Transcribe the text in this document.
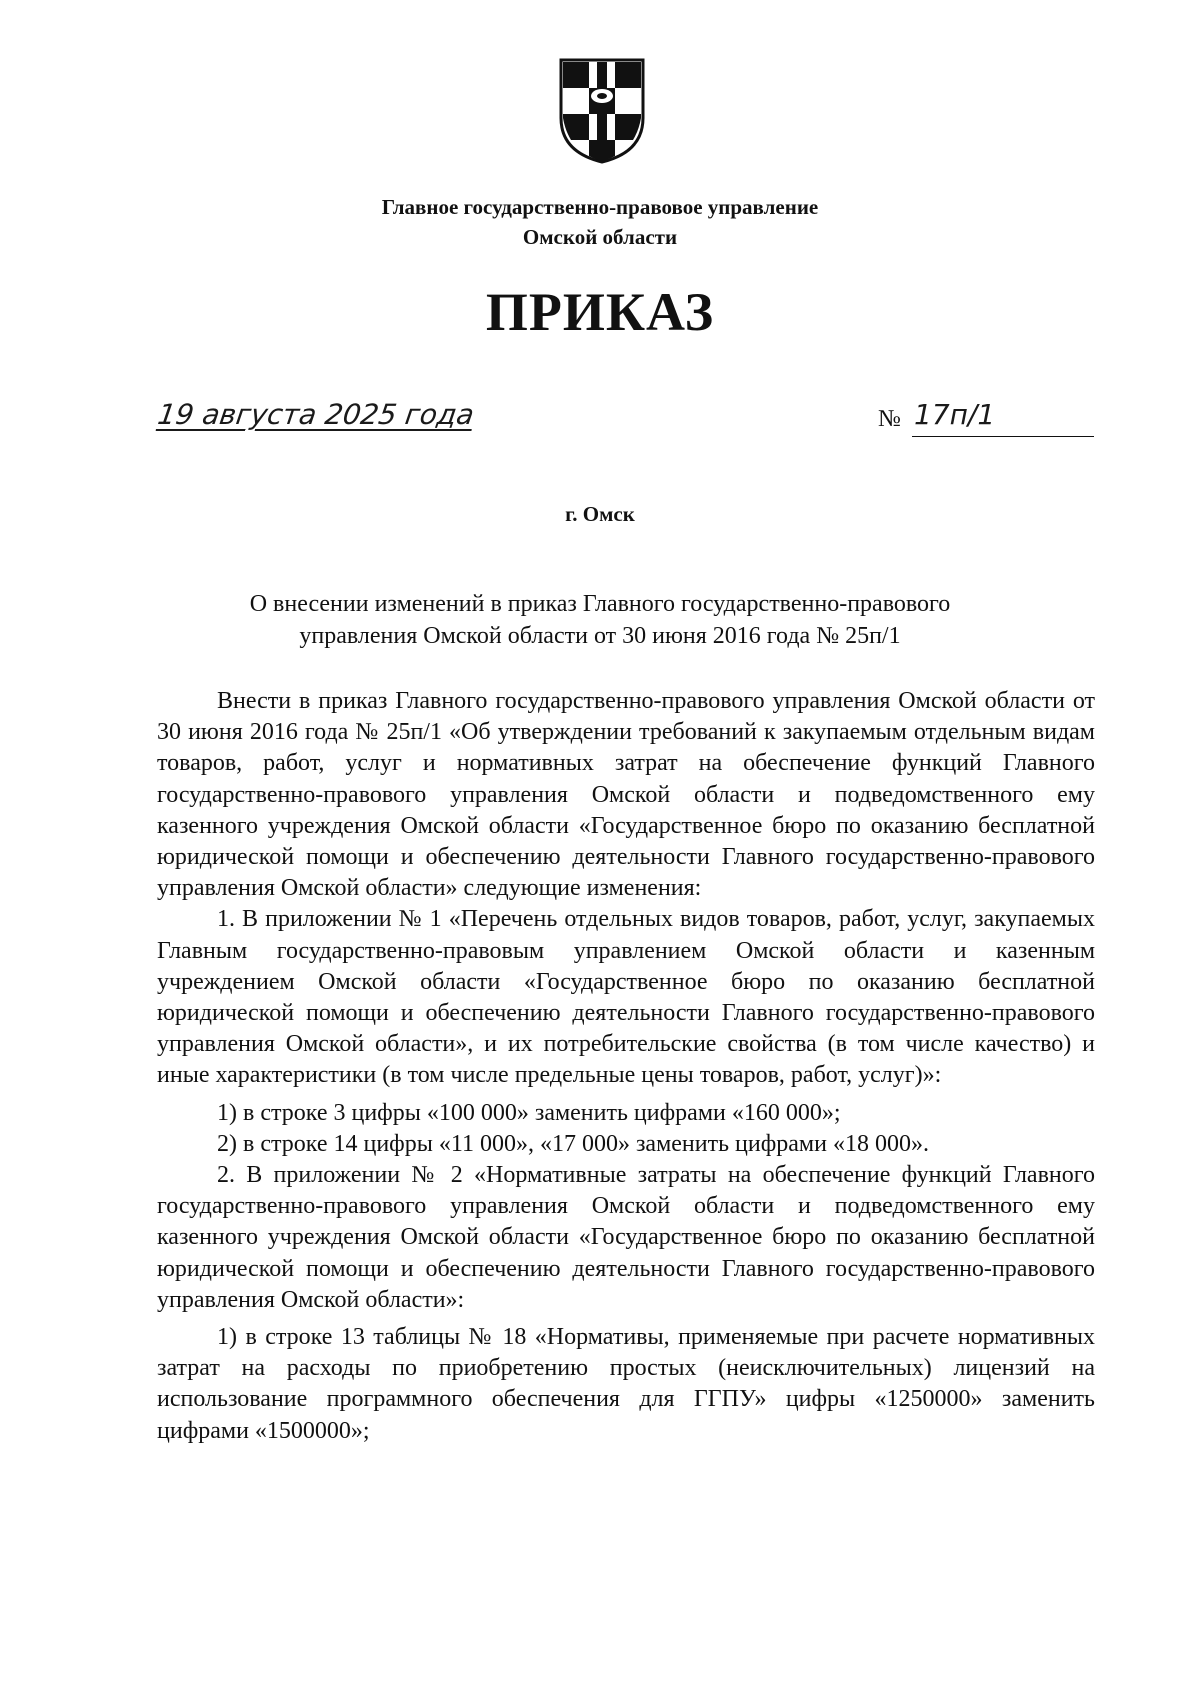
Главное государственно-правовое управление
Омской области
ПРИКАЗ
19 августа 2025 года	№ 17п/1
г. Омск
О внесении изменений в приказ Главного государственно-правового
управления Омской области от 30 июня 2016 года № 25п/1

Внести в приказ Главного государственно-правового управления Омской области от 30 июня 2016 года № 25п/1 «Об утверждении требований к закупаемым отдельным видам товаров, работ, услуг и нормативных затрат на обеспечение функций Главного государственно-правового управления Омской области и подведомственного ему казенного учреждения Омской области «Государственное бюро по оказанию бесплатной юридической помощи и обеспечению деятельности Главного государственно-правового управления Омской области» следующие изменения:

1. В приложении № 1 «Перечень отдельных видов товаров, работ, услуг, закупаемых Главным государственно-правовым управлением Омской области и казенным учреждением Омской области «Государственное бюро по оказанию бесплатной юридической помощи и обеспечению деятельности Главного государственно-правового управления Омской области», и их потребительские свойства (в том числе качество) и иные характеристики (в том числе предельные цены товаров, работ, услуг)»:

1) в строке 3 цифры «100 000» заменить цифрами «160 000»;

2) в строке 14 цифры «11 000», «17 000» заменить цифрами «18 000».

2. В приложении № 2 «Нормативные затраты на обеспечение функций Главного государственно-правового управления Омской области и подведомственного ему казенного учреждения Омской области «Государственное бюро по оказанию бесплатной юридической помощи и обеспечению деятельности Главного государственно-правового управления Омской области»:

1) в строке 13 таблицы № 18 «Нормативы, применяемые при расчете нормативных затрат на расходы по приобретению простых (неисключительных) лицензий на использование программного обеспечения для ГГПУ» цифры «1250000» заменить цифрами «1500000»;
